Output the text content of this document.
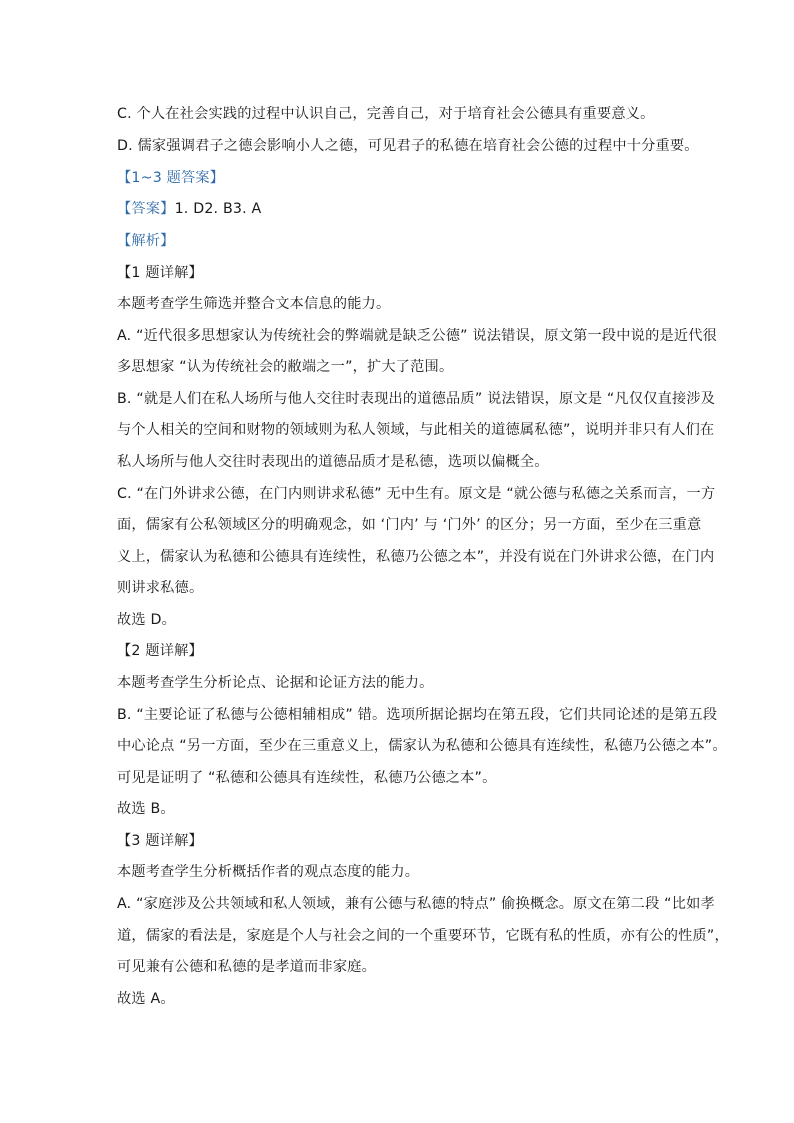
C. 个人在社会实践的过程中认识自己，完善自己，对于培育社会公德具有重要意义。
D. 儒家强调君子之德会影响小人之德，可见君子的私德在培育社会公德的过程中十分重要。
【1~3 题答案】
【答案】1. D2. B3. A
【解析】
【1 题详解】
本题考查学生筛选并整合文本信息的能力。
A. “近代很多思想家认为传统社会的弊端就是缺乏公德” 说法错误，原文第一段中说的是近代很
多思想家 “认为传统社会的敝端之一”，扩大了范围。
B. “就是人们在私人场所与他人交往时表现出的道德品质” 说法错误，原文是 “凡仅仅直接涉及
与个人相关的空间和财物的领域则为私人领域，与此相关的道德属私德”，说明并非只有人们在
私人场所与他人交往时表现出的道德品质才是私德，选项以偏概全。
C. “在门外讲求公德，在门内则讲求私德” 无中生有。原文是 “就公德与私德之关系而言，一方
面，儒家有公私领域区分的明确观念，如 ‘门内’ 与 ‘门外’ 的区分；另一方面，至少在三重意
义上，儒家认为私德和公德具有连续性，私德乃公德之本”，并没有说在门外讲求公德，在门内
则讲求私德。
故选 D。
【2 题详解】
本题考查学生分析论点、论据和论证方法的能力。
B. “主要论证了私德与公德相辅相成” 错。选项所据论据均在第五段，它们共同论述的是第五段
中心论点 “另一方面，至少在三重意义上，儒家认为私德和公德具有连续性，私德乃公德之本”。
可见是证明了 “私德和公德具有连续性，私德乃公德之本”。
故选 B。
【3 题详解】
本题考查学生分析概括作者的观点态度的能力。
A. “家庭涉及公共领域和私人领域，兼有公德与私德的特点” 偷换概念。原文在第二段 “比如孝
道，儒家的看法是，家庭是个人与社会之间的一个重要环节，它既有私的性质，亦有公的性质”，
可见兼有公德和私德的是孝道而非家庭。
故选 A。
